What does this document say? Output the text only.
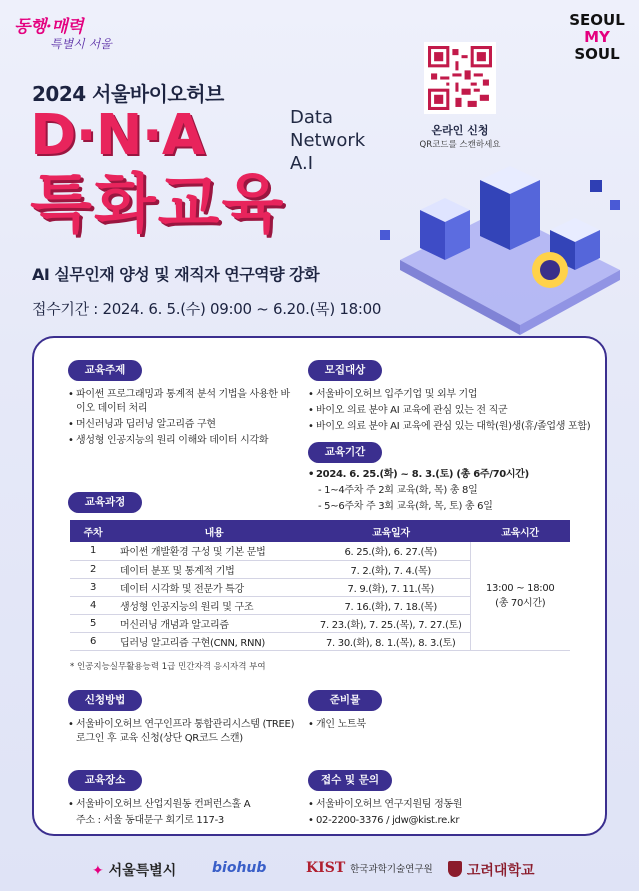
동행·매력
특별시 서울
SEOUL
MY
SOUL
2024 서울바이오허브
D·N·A	Data
Network
A.I
특화교육
AI 실무인재 양성 및 재직자 연구역량 강화
접수기간 : 2024. 6. 5.(수) 09:00 ~ 6.20.(목) 18:00
온라인 신청
QR코드를 스캔하세요
교육주제
• 파이썬 프로그래밍과 통계적 분석 기법을 사용한 바이오 데이터 처리
• 머신러닝과 딥러닝 알고리즘 구현
• 생성형 인공지능의 원리 이해와 데이터 시각화
모집대상
• 서울바이오허브 입주기업 및 외부 기업
• 바이오 의료 분야 AI 교육에 관심 있는 전 직군
• 바이오 의료 분야 AI 교육에 관심 있는 대학(원)생(휴/졸업생 포함)
교육기간
• 2024. 6. 25.(화) ~ 8. 3.(토) (총 6주/70시간)
- 1~4주차 주 2회 교육(화, 목) 총 8일
- 5~6주차 주 3회 교육(화, 목, 토) 총 6일
교육과정
주차	내용	교육일자	교육시간
1	파이썬 개발환경 구성 및 기본 문법	6. 25.(화), 6. 27.(목)	13:00 ~ 18:00
(총 70시간)

2	데이터 분포 및 통계적 기법	7. 2.(화), 7. 4.(목)	
3	데이터 시각화 및 전문가 특강	7. 9.(화), 7. 11.(목)	
4	생성형 인공지능의 원리 및 구조	7. 16.(화), 7. 18.(목)	
5	머신러닝 개념과 알고리즘	7. 23.(화), 7. 25.(목), 7. 27.(토)	
6	딥러닝 알고리즘 구현(CNN, RNN)	7. 30.(화), 8. 1.(목), 8. 3.(토)	
* 인공지능실무활용능력 1급 민간자격 응시자격 부여
신청방법
• 서울바이오허브 연구인프라 통합관리시스템 (TREE) 로그인 후 교육 신청(상단 QR코드 스캔)
준비물
• 개인 노트북
교육장소
• 서울바이오허브 산업지원동 컨퍼런스홀 A
주소 : 서울 동대문구 회기로 117-3
접수 및 문의
• 서울바이오허브 연구지원팀 정동원
• 02-2200-3376 / jdw@kist.re.kr
✦ 서울특별시	biohub	KIST 한국과학기술연구원	고려대학교
